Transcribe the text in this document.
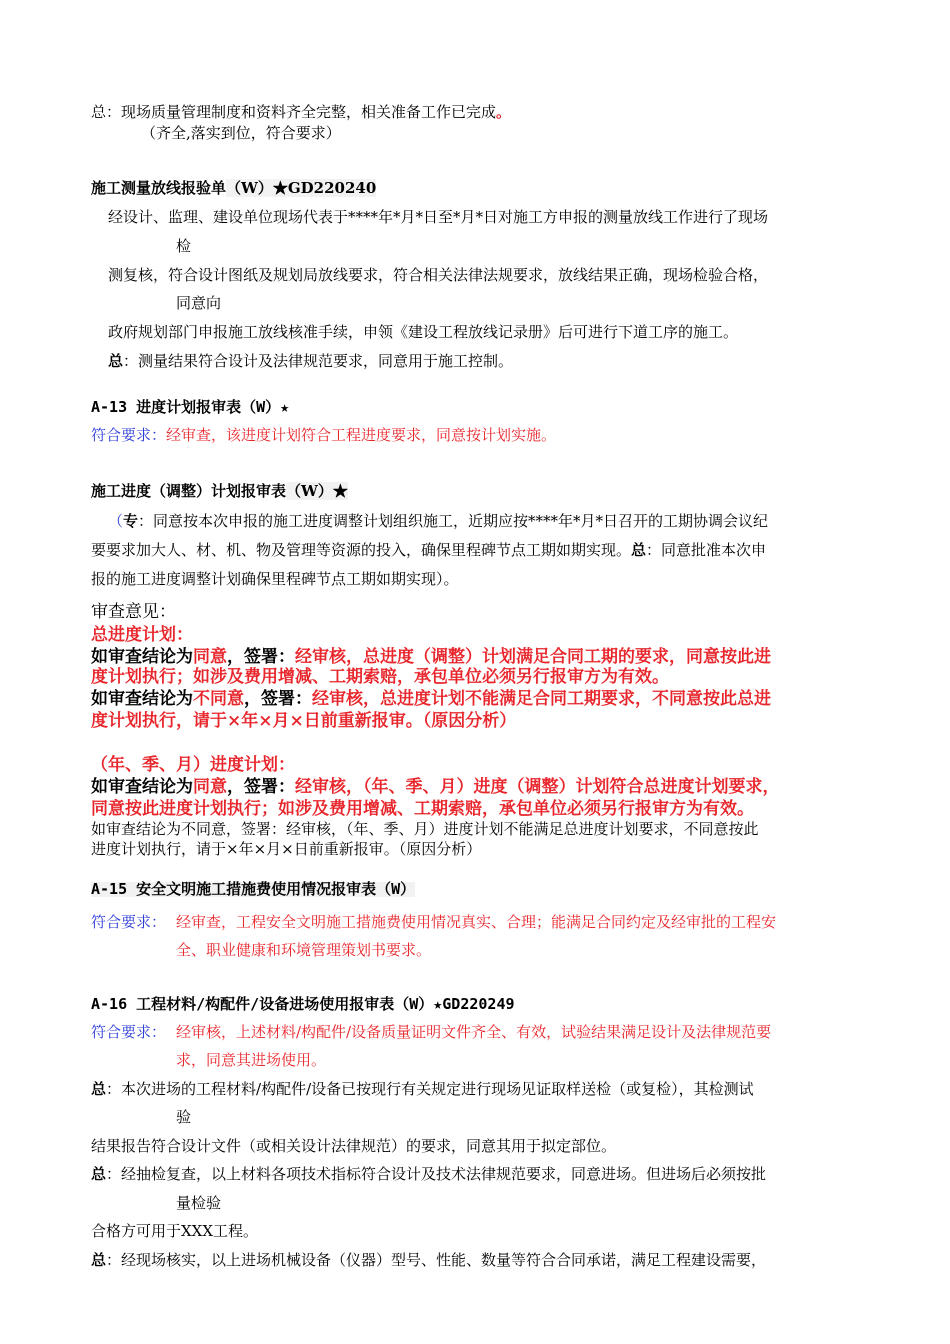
总：现场质量管理制度和资料齐全完整，相关准备工作已完成。
（齐全,落实到位，符合要求）
施工测量放线报验单（W）★GD220240
经设计、监理、建设单位现场代表于****年*月*日至*月*日对施工方申报的测量放线工作进行了现场
检
测复核，符合设计图纸及规划局放线要求，符合相关法律法规要求，放线结果正确，现场检验合格，
同意向
政府规划部门申报施工放线核准手续，申领《建设工程放线记录册》后可进行下道工序的施工。
总：测量结果符合设计及法律规范要求，同意用于施工控制。
A-13 进度计划报审表（W）★
符合要求：经审查，该进度计划符合工程进度要求，同意按计划实施。
施工进度（调整）计划报审表（W）★
（专：同意按本次申报的施工进度调整计划组织施工，近期应按****年*月*日召开的工期协调会议纪
要要求加大人、材、机、物及管理等资源的投入，确保里程碑节点工期如期实现。总：同意批准本次申
报的施工进度调整计划确保里程碑节点工期如期实现）。
审查意见：
总进度计划：
如审查结论为同意，签署：经审核，总进度（调整）计划满足合同工期的要求，同意按此进
度计划执行；如涉及费用增减、工期索赔，承包单位必须另行报审方为有效。
如审查结论为不同意，签署：经审核，总进度计划不能满足合同工期要求，不同意按此总进
度计划执行，请于×年×月×日前重新报审。（原因分析）
（年、季、月）进度计划：
如审查结论为同意，签署：经审核，（年、季、月）进度（调整）计划符合总进度计划要求，
同意按此进度计划执行；如涉及费用增减、工期索赔，承包单位必须另行报审方为有效。
如审查结论为不同意，签署：经审核，（年、季、月）进度计划不能满足总进度计划要求，不同意按此
进度计划执行，请于×年×月×日前重新报审。（原因分析）
A-15 安全文明施工措施费使用情况报审表（W）
符合要求： 经审查，工程安全文明施工措施费使用情况真实、合理；能满足合同约定及经审批的工程安
全、职业健康和环境管理策划书要求。
A-16 工程材料/构配件/设备进场使用报审表（W）★GD220249
符合要求： 经审核，上述材料/构配件/设备质量证明文件齐全、有效，试验结果满足设计及法律规范要
求，同意其进场使用。
总：本次进场的工程材料/构配件/设备已按现行有关规定进行现场见证取样送检（或复检），其检测试
验
结果报告符合设计文件（或相关设计法律规范）的要求，同意其用于拟定部位。
总：经抽检复查，以上材料各项技术指标符合设计及技术法律规范要求，同意进场。但进场后必须按批
量检验
合格方可用于XXX工程。
总：经现场核实，以上进场机械设备（仪器）型号、性能、数量等符合合同承诺，满足工程建设需要，
